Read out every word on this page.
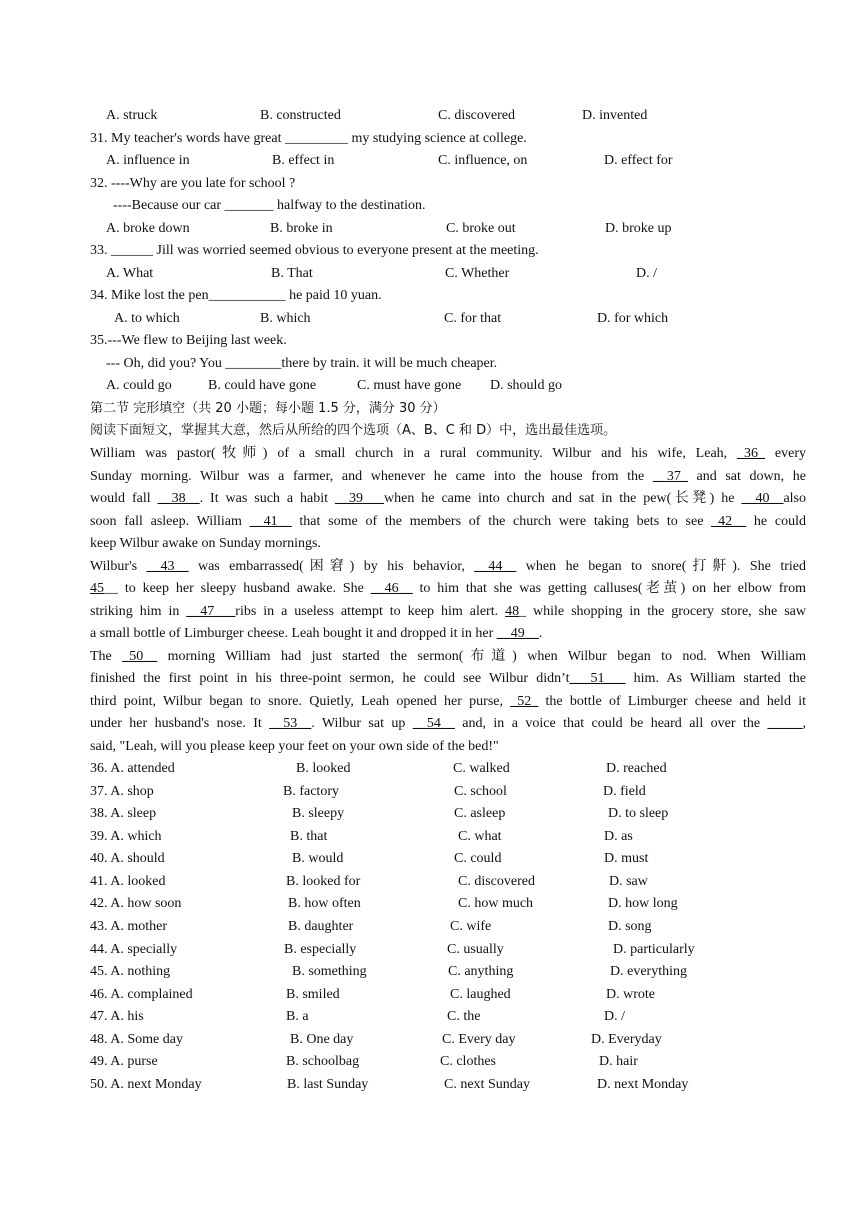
A. struck	B. constructed	C. discovered	D. invented
31. My teacher's words have great _________ my studying science at college.
A. influence in	B. effect in	C. influence, on	D. effect for
32. ----Why are you late for school ?
----Because our car _______ halfway to the destination.
A. broke down	B. broke in	C. broke out	D. broke up
33. ______ Jill was worried seemed obvious to everyone present at the meeting.
A. What	B. That	C. Whether	D. /
34. Mike lost the pen___________ he paid 10 yuan.
A. to which	B. which	C. for that	D. for which
35.---We flew to Beijing last week.
--- Oh, did you? You ________there by train. it will be much cheaper.
A. could go	B. could have gone	C. must have gone D. should go
第二节 完形填空（共 20 小题；每小题 1.5 分，满分 30 分）
阅读下面短文，掌握其大意，然后从所给的四个选项（A、B、C 和 D）中，选出最佳选项。
William was pastor(牧师) of a small church in a rural community. Wilbur and his wife, Leah, _36_ every
Sunday morning. Wilbur was a farmer, and whenever he came into the house from the __37_ and sat down, he
would fall __38__. It was such a habit __39___when he came into church and sat in the pew(长凳) he __40__also
soon fall asleep. William __41__ that some of the members of the church were taking bets to see _42__ he could
keep Wilbur awake on Sunday mornings.
Wilbur's __43__ was embarrassed(困窘) by his behavior, __44__ when he began to snore(打鼾). She tried
45__ to keep her sleepy husband awake. She __46__ to him that she was getting calluses(老茧) on her elbow from
striking him in __47___ribs in a useless attempt to keep him alert. 48_ while shopping in the grocery store, she saw
a small bottle of Limburger cheese. Leah bought it and dropped it in her __49__.
The _50__ morning William had just started the sermon(布道) when Wilbur began to nod. When William
finished the first point in his three-point sermon, he could see Wilbur didn’t___51___ him. As William started the
third point, Wilbur began to snore. Quietly, Leah opened her purse, _52_ the bottle of Limburger cheese and held it
under her husband's nose. It __53__. Wilbur sat up __54__ and, in a voice that could be heard all over the _____,
said, "Leah, will you please keep your feet on your own side of the bed!"
36. A. attended	B. looked	C. walked	D. reached
37. A. shop	B. factory	C. school	D. field
38. A. sleep	B. sleepy	C. asleep	D. to sleep
39. A. which	B. that	C. what	D. as
40. A. should	B. would	C. could	D. must
41. A. looked	B. looked for	C. discovered	D. saw
42. A. how soon	B. how often	C. how much	D. how long
43. A. mother	B. daughter	C. wife	D. song
44. A. specially	B. especially	C. usually	D. particularly
45. A. nothing	B. something	C. anything	D. everything
46. A. complained	B. smiled	C. laughed	D. wrote
47. A. his	B. a	C. the	D. /
48. A. Some day	B. One day	C. Every day	D. Everyday
49. A. purse	B. schoolbag	C. clothes	D. hair
50. A. next Monday	B. last Sunday	C. next Sunday	D. next Monday
